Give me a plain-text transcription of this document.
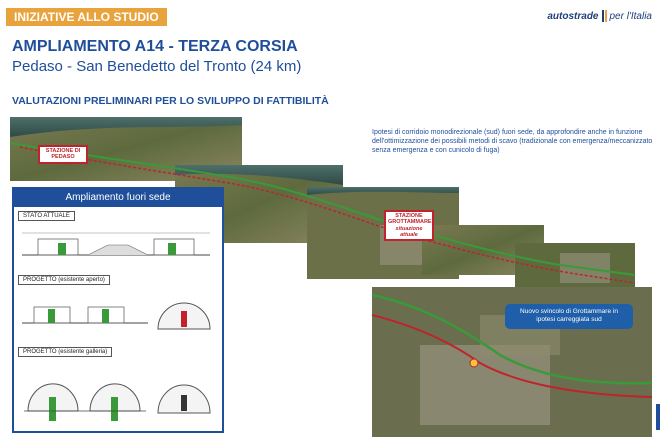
INIZIATIVE ALLO STUDIO	autostrade per l'Italia
AMPLIAMENTO A14 - TERZA CORSIA
Pedaso - San Benedetto del Tronto (24 km)
VALUTAZIONI PRELIMINARI PER LO SVILUPPO DI FATTIBILITÀ
STAZIONE DI PEDASO
STAZIONE GROTTAMMARE
situazione attuale
Ipotesi di corridoio monodirezionale (sud) fuori sede, da approfondire anche in funzione dell'ottimizzazione dei possibili metodi di scavo (tradizionale con emergenza/meccanizzato senza emergenza e con cunicolo di fuga)
Nuovo svincolo di Grottammare in ipotesi carreggiata sud
Ampliamento fuori sede
STATO ATTUALE
PROGETTO (esistente aperto)
PROGETTO (esistente galleria)
